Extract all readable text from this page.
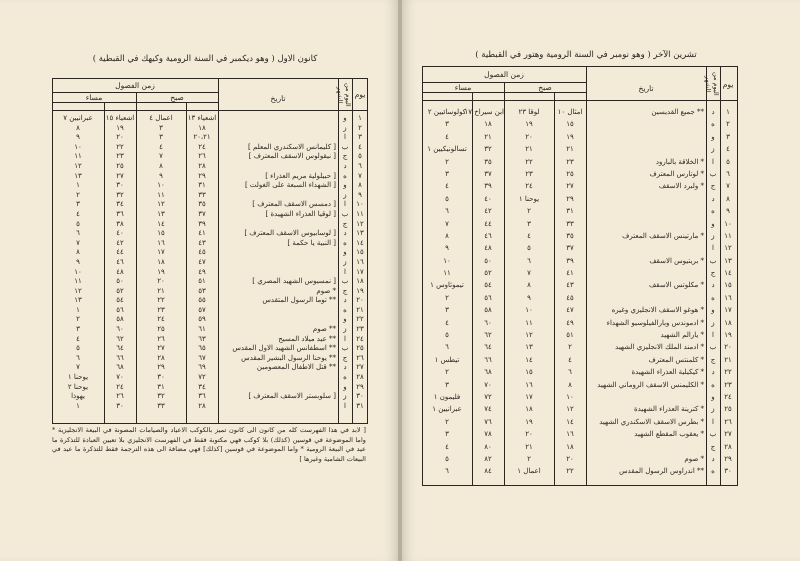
كانون الاول ( وهو ديكمبر في السنة الرومية وكيهك في القبطية )
يوم
اليوم من الشهر
تاريخ
زمن الفصول
صبح
مساء
١
٢
٣
٤
٥
٦
٧
٨
٩
١٠
١١
١٢
١٣
١٤
١٥
١٦
١٧
١٨
١٩
٢٠
٢١
٢٢
٢٣
٢٤
٢٥
٢٦
٢٧
٢٨
٢٩
٣٠
٣١
و
ز
ا
ب
ج
د
ه
و
ز
ا
ب
ج
د
ه
و
ز
ا
ب
ج
د
ه
و
ز
ا
ب
ج
د
ه
و
ز
ا
[ كليمانس الاسكندري المعلم ]
[ نيقولوس الاسقف المعترف ]
[ حبيلولية مريم العذراء ]
[ الشهداء السبعة على الغولت ]
[ دمسس الاسقف المعترف ]
[ لوقيا العذراء الشهيدة ]
[ لوسابيوس الاسقف المعترف ]
[ النبية يا حكمة ]
[ نمسيوس الشهيد المصري ]
* صوم
** توما الرسول المتقدس
** صوم
** عيد ميلاد المسيح
** اسطفانس الشهيد الاول المقدس
** يوحنا الرسول البشير المقدس
** قتل الاطفال المعصومين
[ سلوبستر الاسقف المعترف ]
اشعياء ١٣
١٨
٢٠،٢١
٢٤
٢٦
٢٨
٢٩
٣١
٣٣
٣٥
٣٧
٣٩
٤١
٤٣
٤٥
٤٧
٤٩
٥١
٥٣
٥٥
٥٧
٥٩
٦١
٦٣
٦٥
٦٧
٦٩
٧٢
٣٤
٣٦
٢٨
اعمال ٤
٣
٣
٤
٧
٨
٩
١٠
١١
١٢
١٣
١٤
١٥
١٦
١٧
١٨
١٩
٢٠
٢١
٢٢
٢٣
٢٤
٢٥
٢٦
٢٧
٢٨
٢٩
٣٠
٣١
٣٢
٣٣
اشعياء ١٥
١٩
٢٠
٢٢
٢٣
٢٥
٢٧
٣٠
٣٢
٣٤
٣٦
٣٨
٤٠
٤٢
٤٤
٤٦
٤٨
٥٠
٥٢
٥٤
٥٦
٥٨
٦٠
٦٢
٦٤
٦٦
٦٨
٧٠
٢٤
٢٦
٣٠
عبرانيين ٧
٨
٩
١٠
١١
١٢
١٣
١
٢
٣
٤
٥
٦
٧
٨
٩
١٠
١١
١٢
١٣
١
٢
٣
٤
٥
٦
٧
يوحنا ١
يوحنا ٢
يهوذا
١
[ لابد في هذا الفهرست كله من كانون الى كانون تميز بالكوكب الاعياد والصيامات المصونة في البيعة الانجليزية * واما الموضوعة في قوسين (كذلك) بلا كوكب فهي مكتوبة فقط في الفهرست الانجليزي بلا تعيين العبادة للتذكرة ما عيد في البيعة الرومية * واما الموضوعة في قوسين [كذلك] فهي مضافة الى هذه الترجمة فقط للتذكرة ما عيد في البيعات الشامية وغيرها ]
تشرين الآخر ( وهو نومبر في السنة الرومية وهتور في القبطية )
يوم
اليوم من الشهر
تاريخ
زمن الفصول
صبح
مساء
١
٢
٣
٤
٥
٦
٧
٨
٩
١٠
١١
١٢
١٣
١٤
١٥
١٦
١٧
١٨
١٩
٢٠
٢١
٢٢
٢٣
٢٤
٢٥
٢٦
٢٧
٢٨
٢٩
٣٠
د
ه
و
ز
ا
ب
ج
د
ه
و
ز
ا
ب
ج
د
ه
و
ز
ا
ب
ج
د
ه
و
ز
ا
ب
ج
د
ه
** جميع القديسين
* الخلاقة بالبارود
* لوتارس المعترف
* ولبرد الاسقف
* مارتينس الاسقف المعترف
* بريتيوس الاسقف
* مكلوتس الاسقف
* هوغو الاسقف الانجليزي وغيره
* ادموندس وبارالفيلوسيو الشهداء
* يارالم الشهيد
* ادمند الملك الانجليزي الشهيد
* كلمنتس المعترف
* كيكيلية العذراء الشهيدة
* الكليمنس الاسقف الروماني الشهيد
* كترينة العذراء الشهيدة
* بطرس الاسقف الاسكندري الشهيد
* يعقوب المقطع الشهيد
* صوم
** اندراوس الرسول المقدس
امثال ١٠
١٥
١٩
٢١
٢٣
٢٥
٢٧
٢٩
٣١
٣٣
٣٥
٣٧
٣٩
٤١
٤٣
٤٥
٤٧
٤٩
٥١
٢
٤
٦
٨
١٠
١٢
١٤
١٦
١٨
٢٠
٢٢
لوقا ٢٣
١٩
٢٠
٢١
٢٢
٢٣
٢٤
يوحنا ١
٢
٣
٤
٥
٦
٧
٨
٩
١٠
١١
١٢
١٣
١٤
١٥
١٦
١٧
١٨
١٩
٢٠
٢١
٢
اعمال ١
ابن سيراخ ١٧
١٨
٢١
٣٢
٣٥
٣٧
٣٩
٤٠
٤٢
٤٤
٤٦
٤٨
٥٠
٥٢
٥٤
٥٦
٥٨
٦٠
٦٢
٦٤
٦٦
٦٨
٧٠
٧٢
٧٤
٧٦
٧٨
٨٠
٨٢
٨٤
كولوسائيين ٢
٣
٤
تسالونيكيين ١
٢
٣
٤
٥
٦
٧
٨
٩
١٠
١١
تيموثاوس ١
٢
٣
٤
٥
٦
تيطس ١
٢
٣
فليمون ١
عبرانيين ١
٢
٣
٤
٥
٦
